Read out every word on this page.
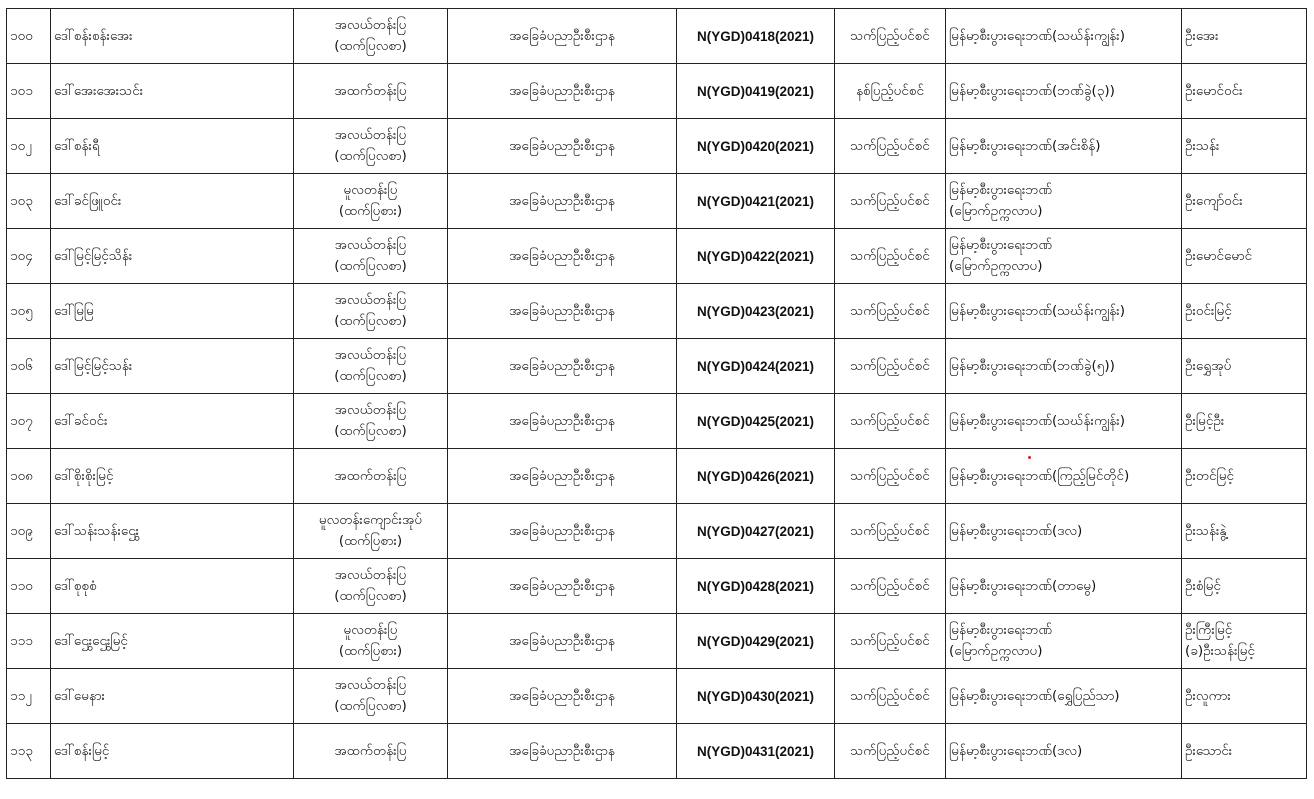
၁၀၀	ဒေါ်စန်းစန်းအေး	အလယ်တန်းပြ
(ထက်ပြလစာ)	အခြေခံပညာဦးစီးဌာန	N(YGD)0418(2021)	သက်ပြည့်ပင်စင်	မြန်မာ့စီးပွားရေးဘဏ်(သဃ်န်းကျွန်း)	ဦးအေး

၁၀၁	ဒေါ်အေးအေးသင်း	အထက်တန်းပြ	အခြေခံပညာဦးစီးဌာန	N(YGD)0419(2021)	နစ်ပြည့်ပင်စင်	မြန်မာ့စီးပွားရေးဘဏ်(ဘဏ်ခွဲ(၃))	ဦးမောင်ဝင်း

၁၀၂	ဒေါ်စန်းရီ	အလယ်တန်းပြ
(ထက်ပြလစာ)	အခြေခံပညာဦးစီးဌာန	N(YGD)0420(2021)	သက်ပြည့်ပင်စင်	မြန်မာ့စီးပွားရေးဘဏ်(အင်းစိန်)	ဦးသန်း

၁၀၃	ဒေါ်ခင်ဖြူဝင်း	မူလတန်းပြ
(ထက်ပြစား)	အခြေခံပညာဦးစီးဌာန	N(YGD)0421(2021)	သက်ပြည့်ပင်စင်	မြန်မာ့စီးပွားရေးဘဏ်
(မြောက်ဥက္ကလာပ)	ဦးကျော်ဝင်း

၁၀၄	ဒေါ်မြင့်မြင့်သိန်း	အလယ်တန်းပြ
(ထက်ပြလစာ)	အခြေခံပညာဦးစီးဌာန	N(YGD)0422(2021)	သက်ပြည့်ပင်စင်	မြန်မာ့စီးပွားရေးဘဏ်
(မြောက်ဥက္ကလာပ)	ဦးမောင်မောင်

၁၀၅	ဒေါ်မြမြ	အလယ်တန်းပြ
(ထက်ပြလစာ)	အခြေခံပညာဦးစီးဌာန	N(YGD)0423(2021)	သက်ပြည့်ပင်စင်	မြန်မာ့စီးပွားရေးဘဏ်(သဃ်န်းကျွန်း)	ဦးဝင်းမြင့်

၁၀၆	ဒေါ်မြင့်မြင့်သန်း	အလယ်တန်းပြ
(ထက်ပြလစာ)	အခြေခံပညာဦးစီးဌာန	N(YGD)0424(2021)	သက်ပြည့်ပင်စင်	မြန်မာ့စီးပွားရေးဘဏ်(ဘဏ်ခွဲ(၅))	ဦးရွှေအုပ်

၁၀၇	ဒေါ်ခင်ဝင်း	အလယ်တန်းပြ
(ထက်ပြလစာ)	အခြေခံပညာဦးစီးဌာန	N(YGD)0425(2021)	သက်ပြည့်ပင်စင်	မြန်မာ့စီးပွားရေးဘဏ်(သဃ်န်းကျွန်း)	ဦးမြင့်ဦး

၁၀၈	ဒေါ်စိုးစိုးမြင့်	အထက်တန်းပြ	အခြေခံပညာဦးစီးဌာန	N(YGD)0426(2021)	သက်ပြည့်ပင်စင်	မြန်မာ့စီးပွားရေးဘဏ်(ကြည့်မြင်တိုင်)	ဦးတင်မြင့်

၁၀၉	ဒေါ်သန်းသန်းဌွေး	မူလတန်းကျောင်းအုပ်
(ထက်ပြစား)	အခြေခံပညာဦးစီးဌာန	N(YGD)0427(2021)	သက်ပြည့်ပင်စင်	မြန်မာ့စီးပွားရေးဘဏ်(ဒလ)	ဦးသန်းနွဲ့

၁၁၀	ဒေါ်စုစုစံ	အလယ်တန်းပြ
(ထက်ပြလစာ)	အခြေခံပညာဦးစီးဌာန	N(YGD)0428(2021)	သက်ပြည့်ပင်စင်	မြန်မာ့စီးပွားရေးဘဏ်(တာမွေ)	ဦးစံမြင့်

၁၁၁	ဒေါ်ဌွေးဌွေးမြင့်	မူလတန်းပြ
(ထက်ပြစား)	အခြေခံပညာဦးစီးဌာန	N(YGD)0429(2021)	သက်ပြည့်ပင်စင်	မြန်မာ့စီးပွားရေးဘဏ်
(မြောက်ဥက္ကလာပ)	ဦးကြီးမြင့်
(ခ)ဦးသန်းမြင့်

၁၁၂	ဒေါ်မေနား	အလယ်တန်းပြ
(ထက်ပြလစာ)	အခြေခံပညာဦးစီးဌာန	N(YGD)0430(2021)	သက်ပြည့်ပင်စင်	မြန်မာ့စီးပွားရေးဘဏ်(ရွှေပြည်သာ)	ဦးလူကား

၁၁၃	ဒေါ်စန်းမြင့်	အထက်တန်းပြ	အခြေခံပညာဦးစီးဌာန	N(YGD)0431(2021)	သက်ပြည့်ပင်စင်	မြန်မာ့စီးပွားရေးဘဏ်(ဒလ)	ဦးသောင်း
